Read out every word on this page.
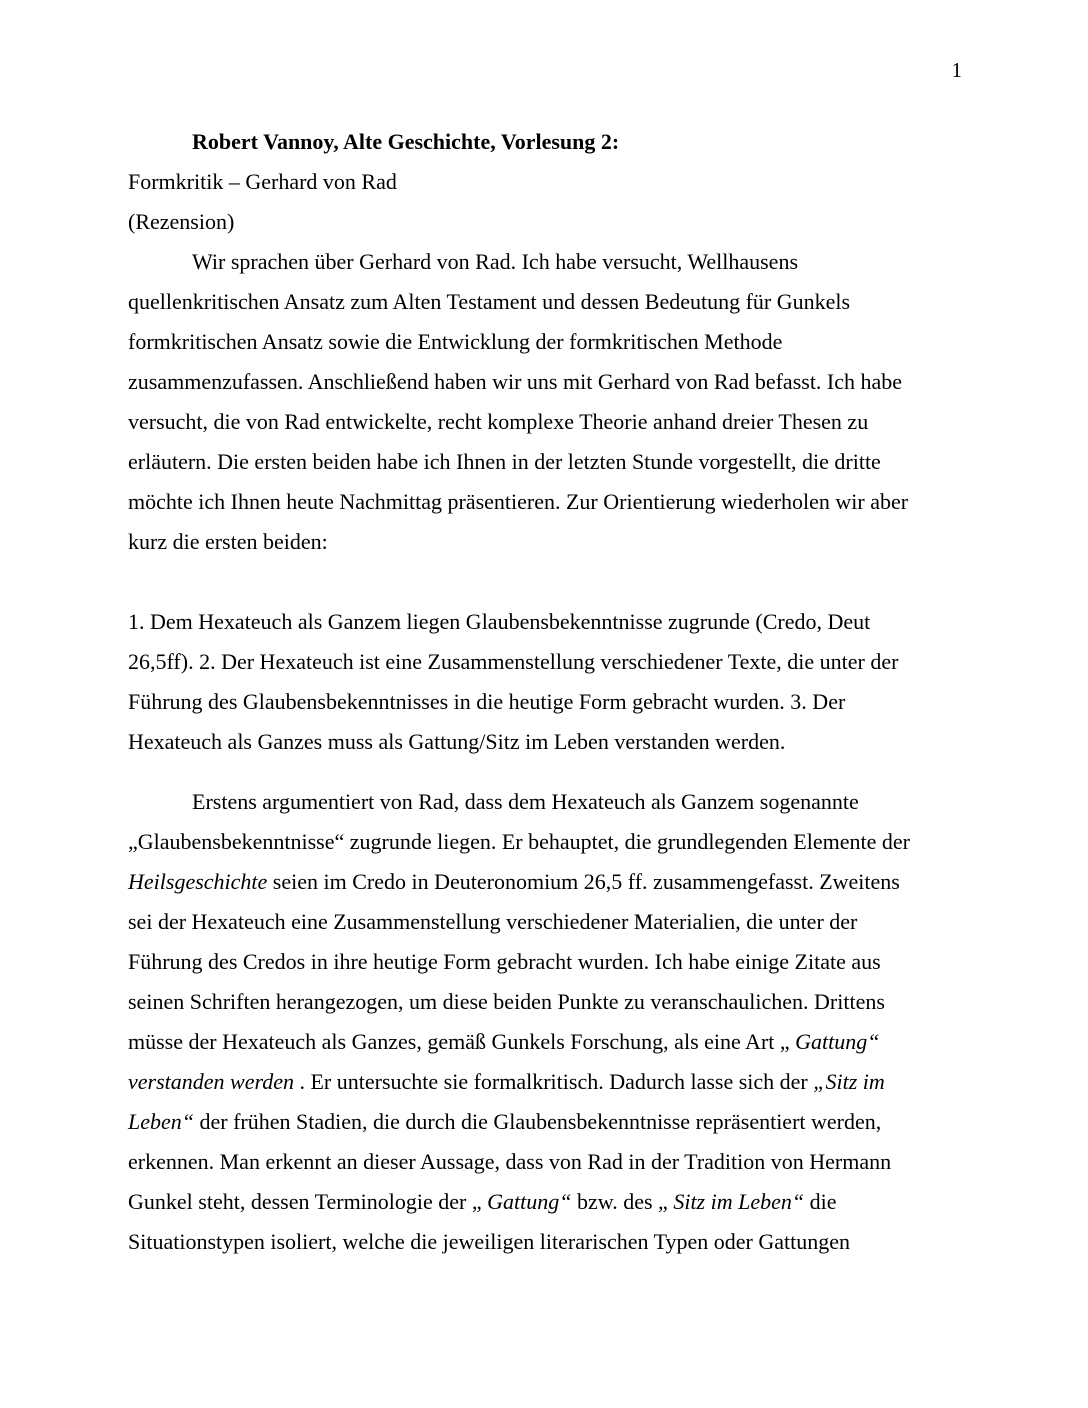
1
Robert Vannoy, Alte Geschichte, Vorlesung 2:
Formkritik – Gerhard von Rad
(Rezension)
Wir sprachen über Gerhard von Rad. Ich habe versucht, Wellhausens
quellenkritischen Ansatz zum Alten Testament und dessen Bedeutung für Gunkels
formkritischen Ansatz sowie die Entwicklung der formkritischen Methode
zusammenzufassen. Anschließend haben wir uns mit Gerhard von Rad befasst. Ich habe
versucht, die von Rad entwickelte, recht komplexe Theorie anhand dreier Thesen zu
erläutern. Die ersten beiden habe ich Ihnen in der letzten Stunde vorgestellt, die dritte
möchte ich Ihnen heute Nachmittag präsentieren. Zur Orientierung wiederholen wir aber
kurz die ersten beiden:
1. Dem Hexateuch als Ganzem liegen Glaubensbekenntnisse zugrunde (Credo, Deut
26,5ff). 2. Der Hexateuch ist eine Zusammenstellung verschiedener Texte, die unter der
Führung des Glaubensbekenntnisses in die heutige Form gebracht wurden. 3. Der
Hexateuch als Ganzes muss als Gattung/Sitz im Leben verstanden werden.
Erstens argumentiert von Rad, dass dem Hexateuch als Ganzem sogenannte
„Glaubensbekenntnisse“ zugrunde liegen. Er behauptet, die grundlegenden Elemente der
Heilsgeschichte seien im Credo in Deuteronomium 26,5 ff. zusammengefasst. Zweitens
sei der Hexateuch eine Zusammenstellung verschiedener Materialien, die unter der
Führung des Credos in ihre heutige Form gebracht wurden. Ich habe einige Zitate aus
seinen Schriften herangezogen, um diese beiden Punkte zu veranschaulichen. Drittens
müsse der Hexateuch als Ganzes, gemäß Gunkels Forschung, als eine Art „ Gattung“
verstanden werden . Er untersuchte sie formalkritisch. Dadurch lasse sich der „Sitz im
Leben“ der frühen Stadien, die durch die Glaubensbekenntnisse repräsentiert werden,
erkennen. Man erkennt an dieser Aussage, dass von Rad in der Tradition von Hermann
Gunkel steht, dessen Terminologie der „ Gattung“ bzw. des „ Sitz im Leben“ die
Situationstypen isoliert, welche die jeweiligen literarischen Typen oder Gattungen
